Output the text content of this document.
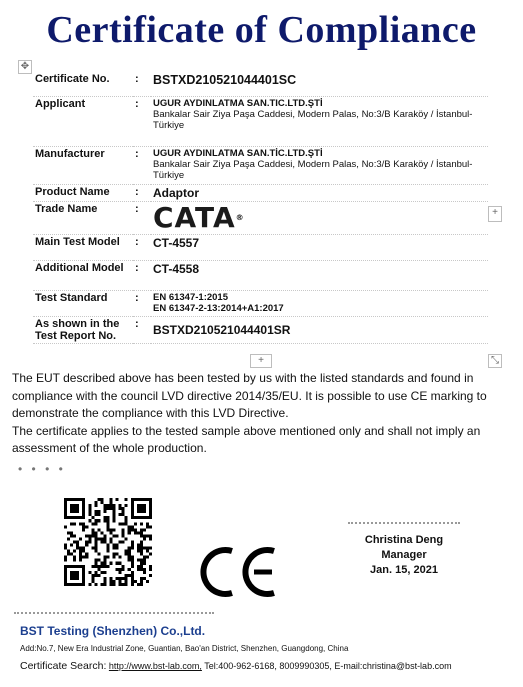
Certificate of Compliance
✥
Certificate No.	:	BSTXD210521044401SC
Applicant	:	UGUR AYDINLATMA SAN.TIC.LTD.ŞTİ
Bankalar Sair Ziya Paşa Caddesi, Modern Palas, No:3/B Karaköy / İstanbul-Türkiye

Manufacturer	:	UGUR AYDINLATMA SAN.TİC.LTD.ŞTİ
Bankalar Sair Ziya Paşa Caddesi, Modern Palas, No:3/B Karaköy / İstanbul-Türkiye

Product Name	:	Adaptor
Trade Name	:	CATA®
Main Test Model	:	CT-4557
Additional Model	:	CT-4558
Test Standard	:	EN 61347-1:2015
EN 61347-2-13:2014+A1:2017

As shown in the Test Report No.	:	BSTXD210521044401SR
+
+	⤡

The EUT described above has been tested by us with the listed standards and found in compliance with the council LVD directive 2014/35/EU. It is possible to use CE marking to demonstrate the compliance with this LVD Directive.

The certificate applies to the tested sample above mentioned only and shall not imply an assessment of the whole production.

• • • •
Christina Deng
Manager
Jan. 15, 2021
BST Testing (Shenzhen) Co.,Ltd.
Add:No.7, New Era Industrial Zone, Guantian, Bao'an District, Shenzhen, Guangdong, China
Certificate Search: http://www.bst-lab.com, Tel:400-962-6168, 8009990305, E-mail:christina@bst-lab.com
